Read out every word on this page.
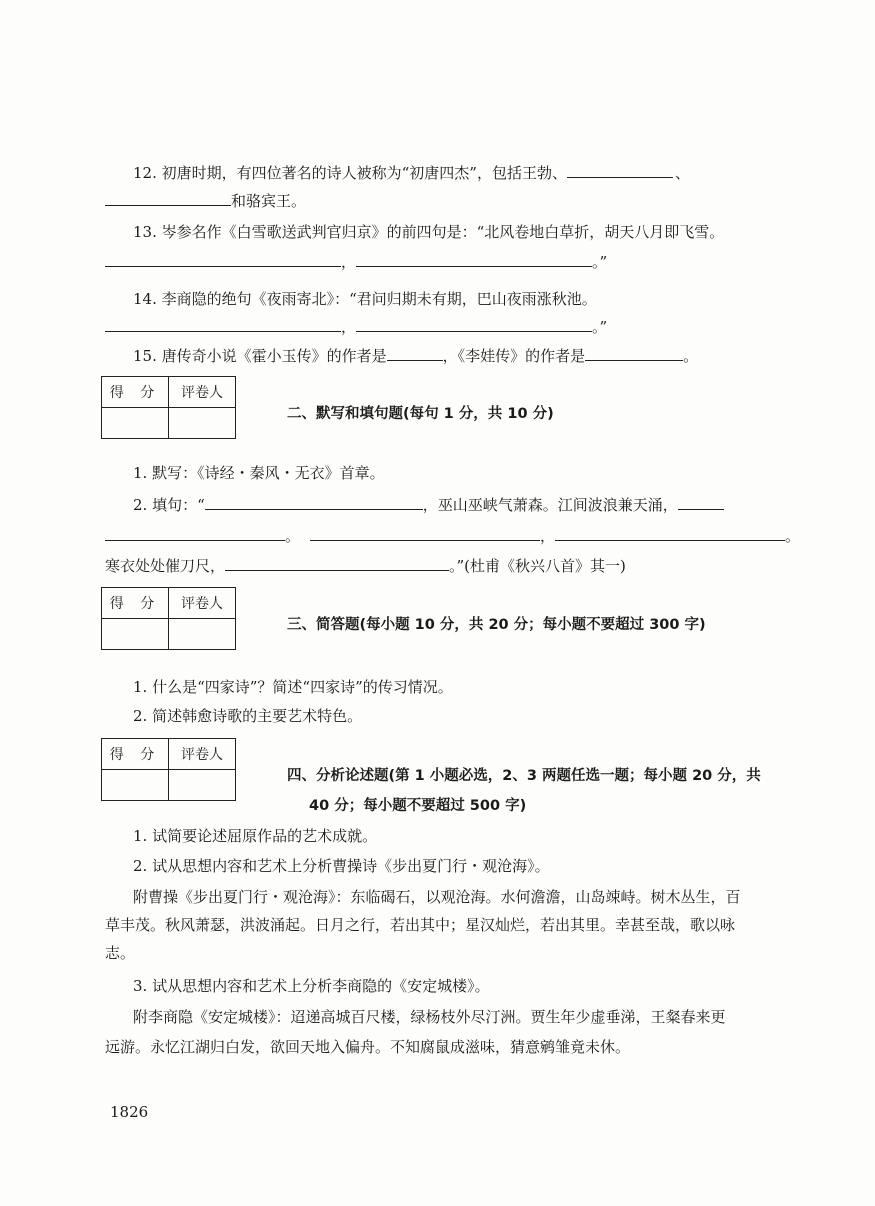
12. 初唐时期，有四位著名的诗人被称为“初唐四杰”，包括王勃、	、
和骆宾王。
13. 岑参名作《白雪歌送武判官归京》的前四句是：“北风卷地白草折，胡天八月即飞雪。
，	。”
14. 李商隐的绝句《夜雨寄北》：“君问归期未有期，巴山夜雨涨秋池。
，	。”
15. 唐传奇小说《霍小玉传》的作者是	，《李娃传》的作者是	。
得 分	评卷人

二、默写和填句题(每句 1 分，共 10 分)
1. 默写：《诗经・秦风・无衣》首章。
2. 填句：“	，巫山巫峡气萧森。江间波浪兼天涌，
。	，	。
寒衣处处催刀尺，	。”(杜甫《秋兴八首》其一)
得 分	评卷人

三、简答题(每小题 10 分，共 20 分；每小题不要超过 300 字)
1. 什么是“四家诗”？简述“四家诗”的传习情况。
2. 简述韩愈诗歌的主要艺术特色。
得 分	评卷人

四、分析论述题(第 1 小题必选，2、3 两题任选一题；每小题 20 分，共
40 分；每小题不要超过 500 字)
1. 试简要论述屈原作品的艺术成就。
2. 试从思想内容和艺术上分析曹操诗《步出夏门行・观沧海》。
附曹操《步出夏门行・观沧海》：东临碣石，以观沧海。水何澹澹，山岛竦峙。树木丛生，百
草丰茂。秋风萧瑟，洪波涌起。日月之行，若出其中；星汉灿烂，若出其里。幸甚至哉，歌以咏
志。
3. 试从思想内容和艺术上分析李商隐的《安定城楼》。
附李商隐《安定城楼》：迢递高城百尺楼，绿杨枝外尽汀洲。贾生年少虚垂涕，王粲春来更
远游。永忆江湖归白发，欲回天地入偏舟。不知腐鼠成滋味，猜意鹓雏竟未休。
1826
